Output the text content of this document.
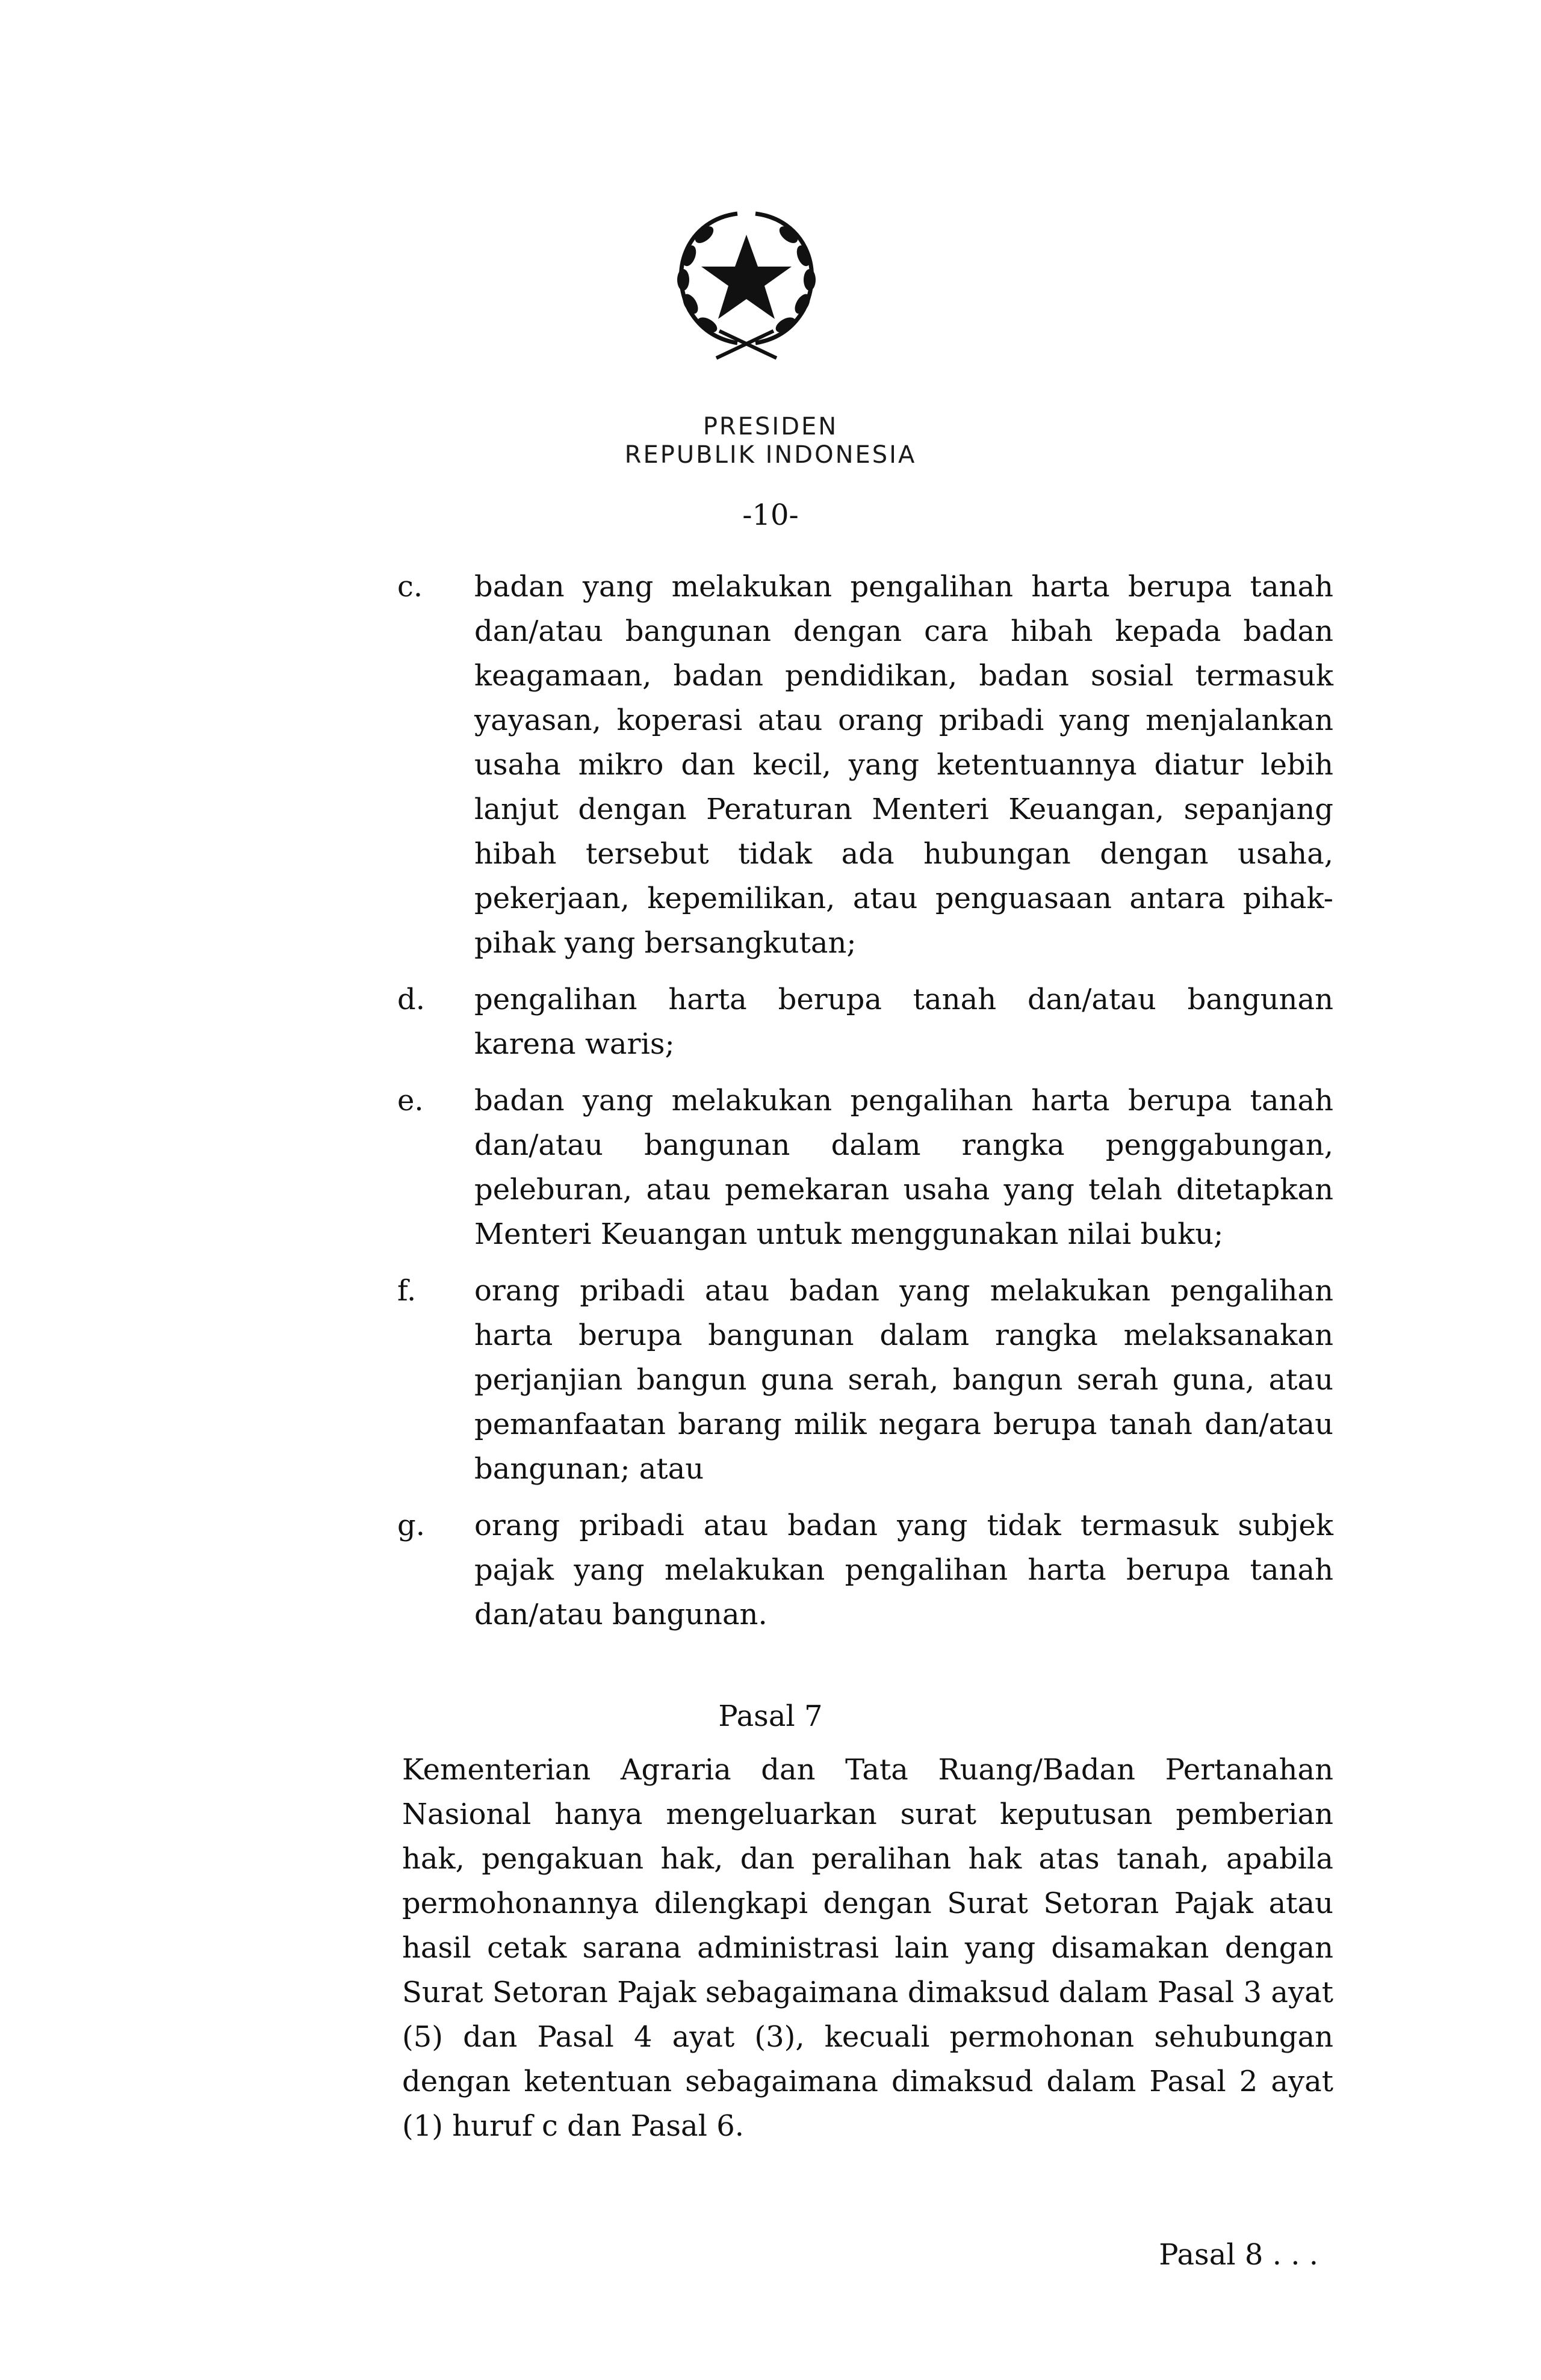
PRESIDEN
REPUBLIK INDONESIA
-10-
c. badan yang melakukan pengalihan harta berupa tanah dan/atau bangunan dengan cara hibah kepada badan keagamaan, badan pendidikan, badan sosial termasuk yayasan, koperasi atau orang pribadi yang menjalankan usaha mikro dan kecil, yang ketentuannya diatur lebih lanjut dengan Peraturan Menteri Keuangan, sepanjang hibah tersebut tidak ada hubungan dengan usaha, pekerjaan, kepemilikan, atau penguasaan antara pihak-pihak yang bersangkutan;
d. pengalihan harta berupa tanah dan/atau bangunan karena waris;
e. badan yang melakukan pengalihan harta berupa tanah dan/atau bangunan dalam rangka penggabungan, peleburan, atau pemekaran usaha yang telah ditetapkan Menteri Keuangan untuk menggunakan nilai buku;
f. orang pribadi atau badan yang melakukan pengalihan harta berupa bangunan dalam rangka melaksanakan perjanjian bangun guna serah, bangun serah guna, atau pemanfaatan barang milik negara berupa tanah dan/atau bangunan; atau
g. orang pribadi atau badan yang tidak termasuk subjek pajak yang melakukan pengalihan harta berupa tanah dan/atau bangunan.
Pasal 7
Kementerian Agraria dan Tata Ruang/Badan Pertanahan Nasional hanya mengeluarkan surat keputusan pemberian hak, pengakuan hak, dan peralihan hak atas tanah, apabila permohonannya dilengkapi dengan Surat Setoran Pajak atau hasil cetak sarana administrasi lain yang disamakan dengan Surat Setoran Pajak sebagaimana dimaksud dalam Pasal 3 ayat (5) dan Pasal 4 ayat (3), kecuali permohonan sehubungan dengan ketentuan sebagaimana dimaksud dalam Pasal 2 ayat (1) huruf c dan Pasal 6.
Pasal 8 . . .
